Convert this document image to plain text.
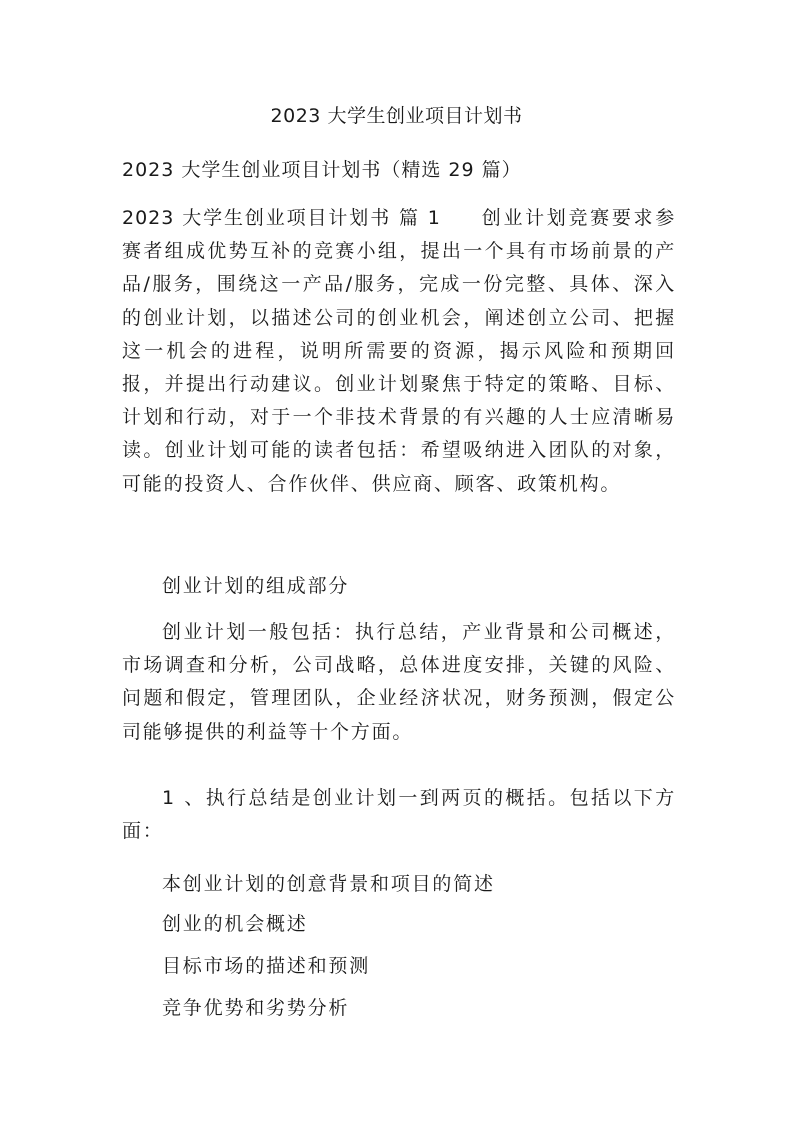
2023 大学生创业项目计划书
2023 大学生创业项目计划书（精选 29 篇）

2023 大学生创业项目计划书 篇 1 创业计划竞赛要求参赛者组成优势互补的竞赛小组，提出一个具有市场前景的产品/服务，围绕这一产品/服务，完成一份完整、具体、深入的创业计划，以描述公司的创业机会，阐述创立公司、把握这一机会的进程，说明所需要的资源，揭示风险和预期回报，并提出行动建议。创业计划聚焦于特定的策略、目标、计划和行动，对于一个非技术背景的有兴趣的人士应清晰易读。创业计划可能的读者包括：希望吸纳进入团队的对象，可能的投资人、合作伙伴、供应商、顾客、政策机构。

创业计划的组成部分

创业计划一般包括：执行总结，产业背景和公司概述，市场调查和分析，公司战略，总体进度安排，关键的风险、问题和假定，管理团队，企业经济状况，财务预测，假定公司能够提供的利益等十个方面。

1 、执行总结是创业计划一到两页的概括。包括以下方面：

本创业计划的创意背景和项目的简述

创业的机会概述

目标市场的描述和预测

竞争优势和劣势分析
